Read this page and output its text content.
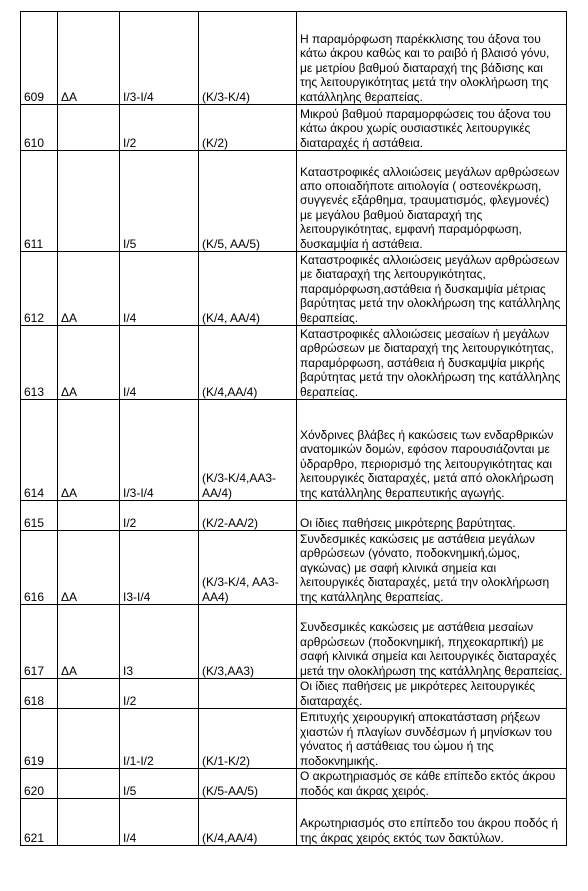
609	ΔΑ	Ι/3-Ι/4	(Κ/3-Κ/4)	Η παραμόρφωση παρέκκλισης του άξονα του κάτω άκρου καθώς και το ραιβό ή βλαισό γόνυ, με μετρίου βαθμού διαταραχή της βάδισης και της λειτουργικότητας μετά την ολοκλήρωση της κατάλληλης θεραπείας.
610		Ι/2	(Κ/2)	Μικρού βαθμού παραμορφώσεις του άξονα του κάτω άκρου χωρίς ουσιαστικές λειτουργικές διαταραχές ή αστάθεια.
611		Ι/5	(Κ/5, ΑΑ/5)	Καταστροφικές αλλοιώσεις μεγάλων αρθρώσεων απο οποιαδήποτε αιτιολογία ( οστεονέκρωση, συγγενές εξάρθημα, τραυματισμός, φλεγμονές) με μεγάλου βαθμού διαταραχή της λειτουργικότητας, εμφανή παραμόρφωση, δυσκαμψία ή αστάθεια.
612	ΔΑ	Ι/4	(Κ/4, ΑΑ/4)	Καταστροφικές αλλοιώσεις μεγάλων αρθρώσεων με διαταραχή της λειτουργικότητας, παραμόρφωση,αστάθεια ή δυσκαμψία μέτριας βαρύτητας μετά την ολοκλήρωση της κατάλληλης θεραπείας.
613	ΔΑ	Ι/4	(Κ/4,ΑΑ/4)	Καταστροφικές αλλοιώσεις μεσαίων ή μεγάλων αρθρώσεων με διαταραχή της λειτουργικότητας, παραμόρφωση, αστάθεια ή δυσκαμψία μικρής βαρύτητας μετά την ολοκλήρωση της κατάλληλης θεραπείας.
614	ΔΑ	Ι/3-Ι/4	(Κ/3-Κ/4,ΑΑ3-ΑΑ/4)	Χόνδρινες βλάβες ή κακώσεις των ενδαρθρικών ανατομικών δομών, εφόσον παρουσιάζονται με ύδραρθρο, περιορισμό της λειτουργικότητας και λειτουργικές διαταραχές, μετά από ολοκλήρωση της κατάλληλης θεραπευτικής αγωγής.
615		Ι/2	(Κ/2-ΑΑ/2)	Οι ίδιες παθήσεις μικρότερης βαρύτητας.
616	ΔΑ	Ι3-Ι/4	(Κ/3-Κ/4, ΑΑ3-ΑΑ4)	Συνδεσμικές κακώσεις με αστάθεια μεγάλων αρθρώσεων (γόνατο, ποδοκνημική,ώμος, αγκώνας) με σαφή κλινικά σημεία και λειτουργικές διαταραχές, μετά την ολοκλήρωση της κατάλληλης θεραπείας.
617	ΔΑ	Ι3	(Κ/3,ΑΑ3)	Συνδεσμικές κακώσεις με αστάθεια μεσαίων αρθρώσεων (ποδοκνημική, πηχεοκαρπική) με σαφή κλινικά σημεία και λειτουργικές διαταραχές μετά την ολοκλήρωση της κατάλληλης θεραπείας.
618		Ι/2		Οι ίδιες παθήσεις με μικρότερες λειτουργικές διαταραχές.
619		Ι/1-Ι/2	(Κ/1-Κ/2)	Επιτυχής χειρουργική αποκατάσταση ρήξεων χιαστών ή πλαγίων συνδέσμων ή μηνίσκων του γόνατος ή αστάθειας του ώμου ή της ποδοκνημικής.
620		Ι/5	(Κ/5-ΑΑ/5)	Ο ακρωτηριασμός σε κάθε επίπεδο εκτός άκρου ποδός και άκρας χειρός.
621		Ι/4	(Κ/4,ΑΑ/4)	Ακρωτηριασμός στο επίπεδο του άκρου ποδός ή της άκρας χειρός εκτός των δακτύλων.
